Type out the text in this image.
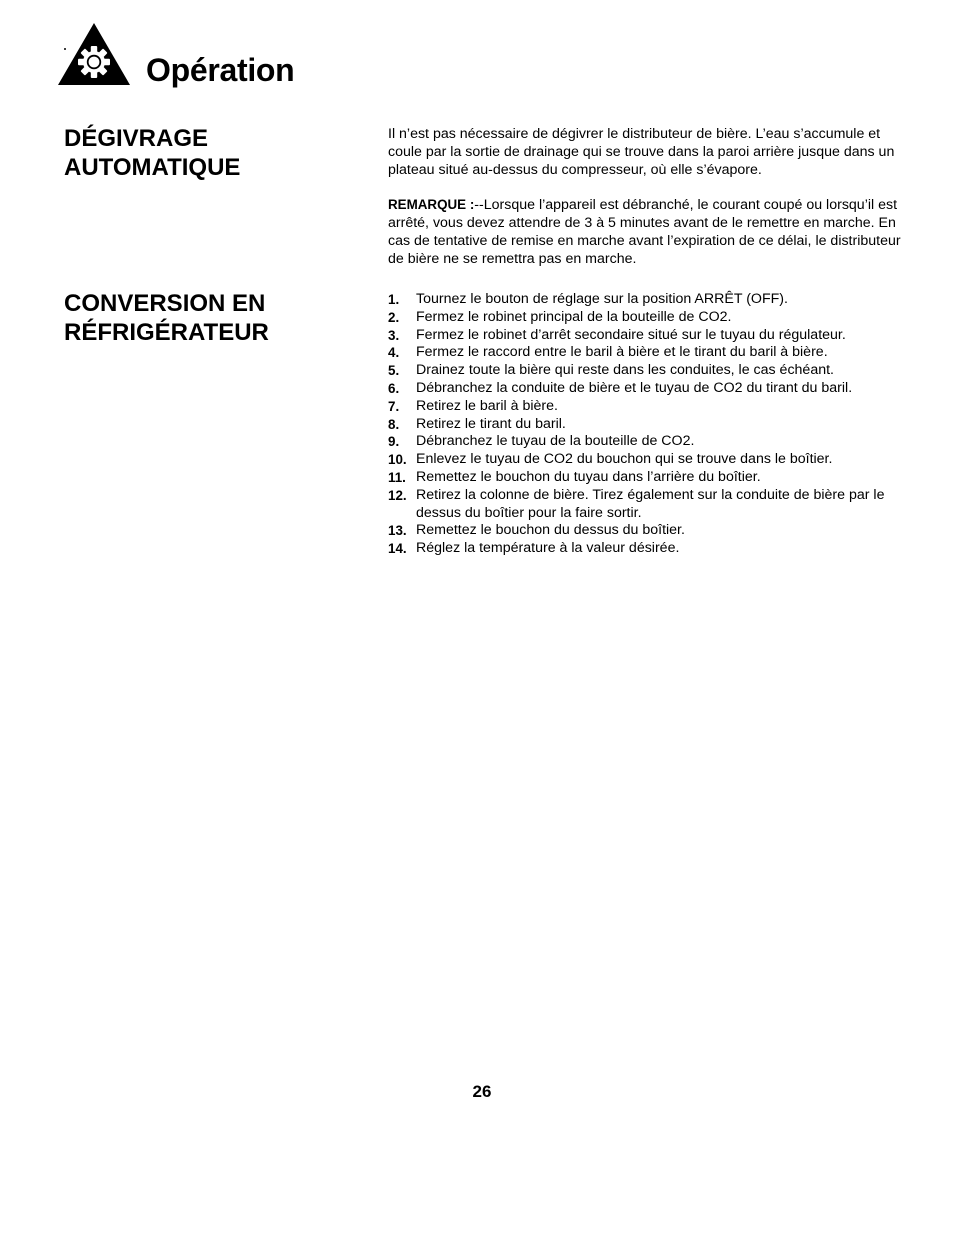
Opération
DÉGIVRAGE
AUTOMATIQUE

Il n’est pas nécessaire de dégivrer le distributeur de bière. L’eau s’accumule et coule par la sortie de drainage qui se trouve dans la paroi arrière jusque dans un plateau situé au-dessus du compresseur, où elle s’évapore.

REMARQUE :--Lorsque l’appareil est débranché, le courant coupé ou lorsqu’il est arrêté, vous devez attendre de 3 à 5 minutes avant de le remettre en marche. En cas de tentative de remise en marche avant l’expiration de ce délai, le distributeur de bière ne se remettra pas en marche.

CONVERSION EN
RÉFRIGÉRATEUR
1.	Tournez le bouton de réglage sur la position ARRÊT (OFF).
2.	Fermez le robinet principal de la bouteille de CO2.
3.	Fermez le robinet d’arrêt secondaire situé sur le tuyau du régulateur.
4.	Fermez le raccord entre le baril à bière et le tirant du baril à bière.
5.	Drainez toute la bière qui reste dans les conduites, le cas échéant.
6.	Débranchez la conduite de bière et le tuyau de CO2 du tirant du baril.
7.	Retirez le baril à bière.
8.	Retirez le tirant du baril.
9.	Débranchez le tuyau de la bouteille de CO2.
10. Enlevez le tuyau de CO2 du bouchon qui se trouve dans le boîtier.
11. Remettez le bouchon du tuyau dans l’arrière du boîtier.
12. Retirez la colonne de bière. Tirez également sur la conduite de bière par le dessus du boîtier pour la faire sortir.
13. Remettez le bouchon du dessus du boîtier.
14. Réglez la température à la valeur désirée.

26
